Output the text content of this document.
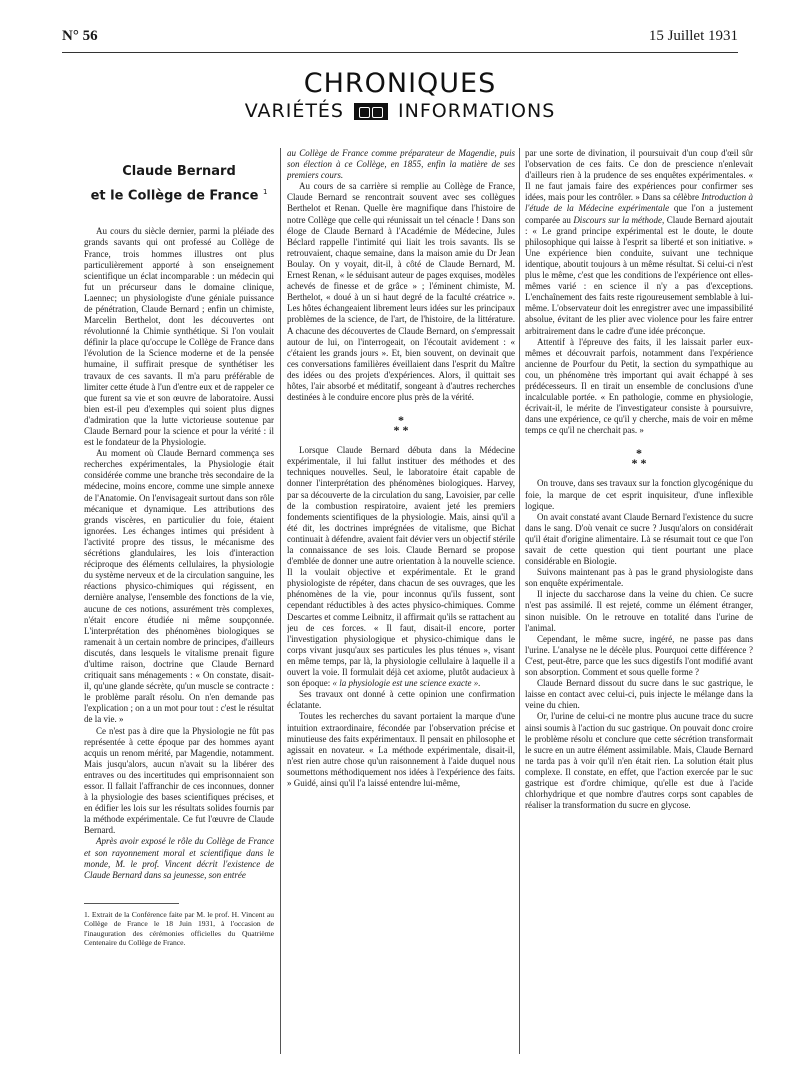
N° 56	15 Juillet 1931
CHRONIQUES
VARIÉTÉS	INFORMATIONS
Claude Bernard
et le Collège de France $^1$

Au cours du siècle dernier, parmi la pléiade des grands savants qui ont professé au Collège de France, trois hommes illustres ont plus particulièrement apporté à son enseignement scientifique un éclat incomparable : un médecin qui fut un précurseur dans le domaine clinique, Laennec; un physiologiste d'une géniale puissance de pénétration, Claude Bernard ; enfin un chimiste, Marcelin Berthelot, dont les découvertes ont révolutionné la Chimie synthétique. Si l'on voulait définir la place qu'occupe le Collège de France dans l'évolution de la Science moderne et de la pensée humaine, il suffirait presque de synthétiser les travaux de ces savants. Il m'a paru préférable de limiter cette étude à l'un d'entre eux et de rappeler ce que furent sa vie et son œuvre de laboratoire. Aussi bien est-il peu d'exemples qui soient plus dignes d'admiration que la lutte victorieuse soutenue par Claude Bernard pour la science et pour la vérité : il est le fondateur de la Physiologie.

Au moment où Claude Bernard commença ses recherches expérimentales, la Physiologie était considérée comme une branche très secondaire de la médecine, moins encore, comme une simple annexe de l'Anatomie. On l'envisageait surtout dans son rôle mécanique et dynamique. Les attributions des grands viscères, en particulier du foie, étaient ignorées. Les échanges intimes qui président à l'activité propre des tissus, le mécanisme des sécrétions glandulaires, les lois d'interaction réciproque des éléments cellulaires, la physiologie du système nerveux et de la circulation sanguine, les réactions physico-chimiques qui régissent, en dernière analyse, l'ensemble des fonctions de la vie, aucune de ces notions, assurément très complexes, n'était encore étudiée ni même soupçonnée. L'interprétation des phénomènes biologiques se ramenait à un certain nombre de principes, d'ailleurs discutés, dans lesquels le vitalisme prenait figure d'ultime raison, doctrine que Claude Bernard critiquait sans ménagements : « On constate, disait-il, qu'une glande sécrète, qu'un muscle se contracte : le problème paraît résolu. On n'en demande pas l'explication ; on a un mot pour tout : c'est le résultat de la vie. »

Ce n'est pas à dire que la Physiologie ne fût pas représentée à cette époque par des hommes ayant acquis un renom mérité, par Magendie, notamment. Mais jusqu'alors, aucun n'avait su la libérer des entraves ou des incertitudes qui emprisonnaient son essor. Il fallait l'affranchir de ces inconnues, donner à la physiologie des bases scientifiques précises, et en édifier les lois sur les résultats solides fournis par la méthode expérimentale. Ce fut l'œuvre de Claude Bernard.

Après avoir exposé le rôle du Collège de France et son rayonnement moral et scientifique dans le monde, M. le prof. Vincent décrit l'existence de Claude Bernard dans sa jeunesse, son entrée

1. Extrait de la Conférence faite par M. le prof. H. Vincent au Collège de France le 18 Juin 1931, à l'occasion de l'inauguration des cérémonies officielles du Quatrième Centenaire du Collège de France.

au Collège de France comme préparateur de Magendie, puis son élection à ce Collège, en 1855, enfin la matière de ses premiers cours.

Au cours de sa carrière si remplie au Collège de France, Claude Bernard se rencontrait souvent avec ses collègues Berthelot et Renan. Quelle ère magnifique dans l'histoire de notre Collège que celle qui réunissait un tel cénacle ! Dans son éloge de Claude Bernard à l'Académie de Médecine, Jules Béclard rappelle l'intimité qui liait les trois savants. Ils se retrouvaient, chaque semaine, dans la maison amie du Dr Jean Boulay. On y voyait, dit-il, à côté de Claude Bernard, M. Ernest Renan, « le séduisant auteur de pages exquises, modèles achevés de finesse et de grâce » ; l'éminent chimiste, M. Berthelot, « doué à un si haut degré de la faculté créatrice ». Les hôtes échangeaient librement leurs idées sur les principaux problèmes de la science, de l'art, de l'histoire, de la littérature. A chacune des découvertes de Claude Bernard, on s'empressait autour de lui, on l'interrogeait, on l'écoutait avidement : « c'étaient les grands jours ». Et, bien souvent, on devinait que ces conversations familières éveillaient dans l'esprit du Maître des idées ou des projets d'expériences. Alors, il quittait ses hôtes, l'air absorbé et méditatif, songeant à d'autres recherches destinées à le conduire encore plus près de la vérité.

*
* *

Lorsque Claude Bernard débuta dans la Médecine expérimentale, il lui fallut instituer des méthodes et des techniques nouvelles. Seul, le laboratoire était capable de donner l'interprétation des phénomènes biologiques. Harvey, par sa découverte de la circulation du sang, Lavoisier, par celle de la combustion respiratoire, avaient jeté les premiers fondements scientifiques de la physiologie. Mais, ainsi qu'il a été dit, les doctrines imprégnées de vitalisme, que Bichat continuait à défendre, avaient fait dévier vers un objectif stérile la connaissance de ses lois. Claude Bernard se propose d'emblée de donner une autre orientation à la nouvelle science. Il la voulait objective et expérimentale. Et le grand physiologiste de répéter, dans chacun de ses ouvrages, que les phénomènes de la vie, pour inconnus qu'ils fussent, sont cependant réductibles à des actes physico-chimiques. Comme Descartes et comme Leibnitz, il affirmait qu'ils se rattachent au jeu de ces forces. « Il faut, disait-il encore, porter l'investigation physiologique et physico-chimique dans le corps vivant jusqu'aux ses particules les plus ténues », visant en même temps, par là, la physiologie cellulaire à laquelle il a ouvert la voie. Il formulait déjà cet axiome, plutôt audacieux à son époque: « la physiologie est une science exacte ».

Ses travaux ont donné à cette opinion une confirmation éclatante.

Toutes les recherches du savant portaient la marque d'une intuition extraordinaire, fécondée par l'observation précise et minutieuse des faits expérimentaux. Il pensait en philosophe et agissait en novateur. « La méthode expérimentale, disait-il, n'est rien autre chose qu'un raisonnement à l'aide duquel nous soumettons méthodiquement nos idées à l'expérience des faits. » Guidé, ainsi qu'il l'a laissé entendre lui-même,

par une sorte de divination, il poursuivait d'un coup d'œil sûr l'observation de ces faits. Ce don de prescience n'enlevait d'ailleurs rien à la prudence de ses enquêtes expérimentales. « Il ne faut jamais faire des expériences pour confirmer ses idées, mais pour les contrôler. » Dans sa célèbre Introduction à l'étude de la Médecine expérimentale que l'on a justement comparée au Discours sur la méthode, Claude Bernard ajoutait : « Le grand principe expérimental est le doute, le doute philosophique qui laisse à l'esprit sa liberté et son initiative. » Une expérience bien conduite, suivant une technique identique, aboutit toujours à un même résultat. Si celui-ci n'est plus le même, c'est que les conditions de l'expérience ont elles-mêmes varié : en science il n'y a pas d'exceptions. L'enchaînement des faits reste rigoureusement semblable à lui-même. L'observateur doit les enregistrer avec une impassibilité absolue, évitant de les plier avec violence pour les faire entrer arbitrairement dans le cadre d'une idée préconçue.

Attentif à l'épreuve des faits, il les laissait parler eux-mêmes et découvrait parfois, notamment dans l'expérience ancienne de Pourfour du Petit, la section du sympathique au cou, un phénomène très important qui avait échappé à ses prédécesseurs. Il en tirait un ensemble de conclusions d'une incalculable portée. « En pathologie, comme en physiologie, écrivait-il, le mérite de l'investigateur consiste à poursuivre, dans une expérience, ce qu'il y cherche, mais de voir en même temps ce qu'il ne cherchait pas. »

*
* *

On trouve, dans ses travaux sur la fonction glycogénique du foie, la marque de cet esprit inquisiteur, d'une inflexible logique.

On avait constaté avant Claude Bernard l'existence du sucre dans le sang. D'où venait ce sucre ? Jusqu'alors on considérait qu'il était d'origine alimentaire. Là se résumait tout ce que l'on savait de cette question qui tient pourtant une place considérable en Biologie.

Suivons maintenant pas à pas le grand physiologiste dans son enquête expérimentale.

Il injecte du saccharose dans la veine du chien. Ce sucre n'est pas assimilé. Il est rejeté, comme un élément étranger, sinon nuisible. On le retrouve en totalité dans l'urine de l'animal.

Cependant, le même sucre, ingéré, ne passe pas dans l'urine. L'analyse ne le décèle plus. Pourquoi cette différence ? C'est, peut-être, parce que les sucs digestifs l'ont modifié avant son absorption. Comment et sous quelle forme ?

Claude Bernard dissout du sucre dans le suc gastrique, le laisse en contact avec celui-ci, puis injecte le mélange dans la veine du chien.

Or, l'urine de celui-ci ne montre plus aucune trace du sucre ainsi soumis à l'action du suc gastrique. On pouvait donc croire le problème résolu et conclure que cette sécrétion transformait le sucre en un autre élément assimilable. Mais, Claude Bernard ne tarda pas à voir qu'il n'en était rien. La solution était plus complexe. Il constate, en effet, que l'action exercée par le suc gastrique est d'ordre chimique, qu'elle est due à l'acide chlorhydrique et que nombre d'autres corps sont capables de réaliser la transformation du sucre en glycose.
